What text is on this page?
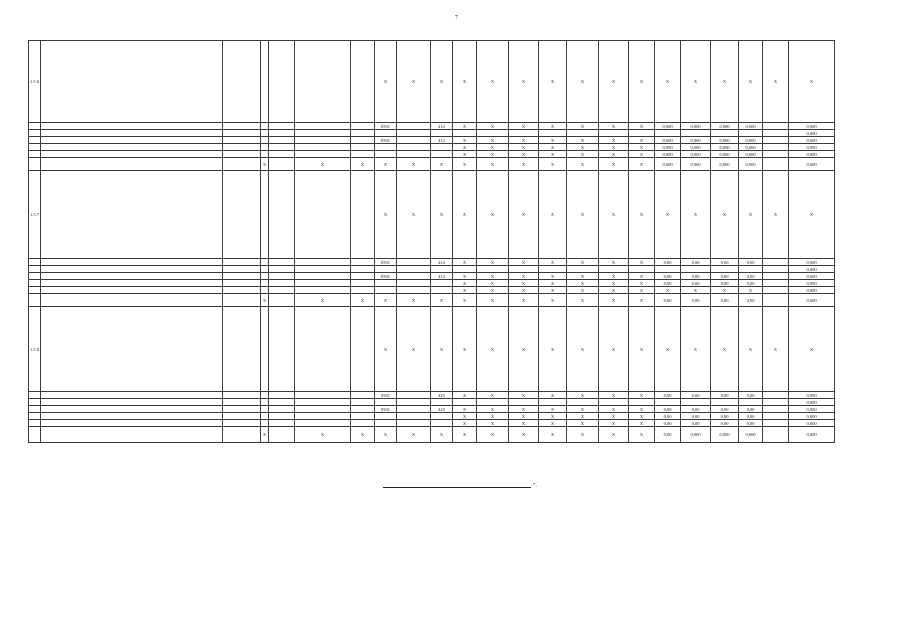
7
1.5.6							X	X	X	X	X	X	X	X	X	X	X	X	X	X	X	X	
							0501		412	X	X	X	X	X	X	X	0,000	0,000	0,000	0,000		0,000	
																						0,000	
							0501		412	X	X	X	X	X	X	X	0,000	0,000	0,000	0,000		0,000	
										X	X	X	X	X	X	X	0,000	0,000	0,000	0,000		0,000	
										X	X	X	X	X	X	X	0,000	0,000	0,000	0,000		0,000	
			X		X	X	X	X	X	X	X	X	X	X	X	X	0,000	0,000	0,000	0,000		0,000	
1.5.7							X	X	X	X	X	X	X	X	X	X	X	X	X	X	X	X	
							0501		414	X	X	X	X	X	X	X	0,00	0,00	0,00	0,00		0,000	
																						0,000	
							0501		414	X	X	X	X	X	X	X	0,00	0,00	0,00	0,00		0,000	
										X	X	X	X	X	X	X	0,00	0,00	0,00	0,00		0,000	
										X	X	X	X	X	X	X	X	X	X	X		0,000	
			X		X	X	X	X	X	X	X	X	X	X	X	X	0,00	0,00	0,00	0,00		0,000	
1.5.8							X	X	X	X	X	X	X	X	X	X	X	X	X	X	X	X	
							0501		425	X	X	X	X	X	X	X	0,00	0,00	0,00	0,00		0,000	
																						0,000	
							0501		425	X	X	X	X	X	X	X	0,00	0,00	0,00	0,00		0,000	
										X	X	X	X	X	X	X	0,00	0,00	0,00	0,00		0,000	
										X	X	X	X	X	X	X	0,00	0,00	0,00	0,00		0,000	
			X		X	X	X	X	X	X	X	X	X	X	X	X	0,00	0,000	0,000	0,000		0,000	
".
